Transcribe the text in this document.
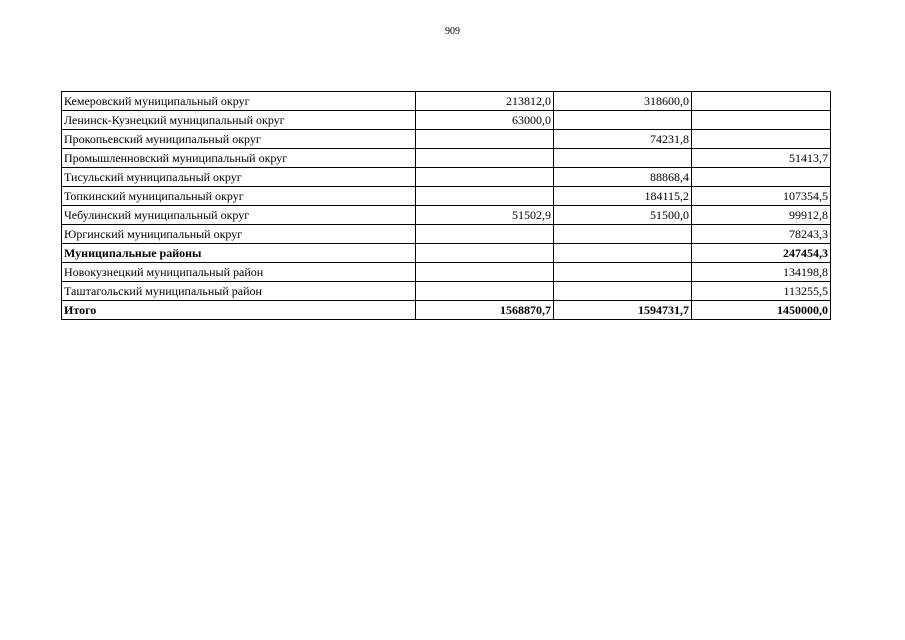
909
Кемеровский муниципальный округ	213812,0	318600,0	
Ленинск-Кузнецкий муниципальный округ	63000,0		
Прокопьевский муниципальный округ		74231,8	
Промышленновский муниципальный округ			51413,7
Тисульский муниципальный округ		88868,4	
Топкинский муниципальный округ		184115,2	107354,5
Чебулинский муниципальный округ	51502,9	51500,0	99912,8
Юргинский муниципальный округ			78243,3
Муниципальные районы			247454,3
Новокузнецкий муниципальный район			134198,8
Таштагольский муниципальный район			113255,5
Итого	1568870,7	1594731,7	1450000,0
